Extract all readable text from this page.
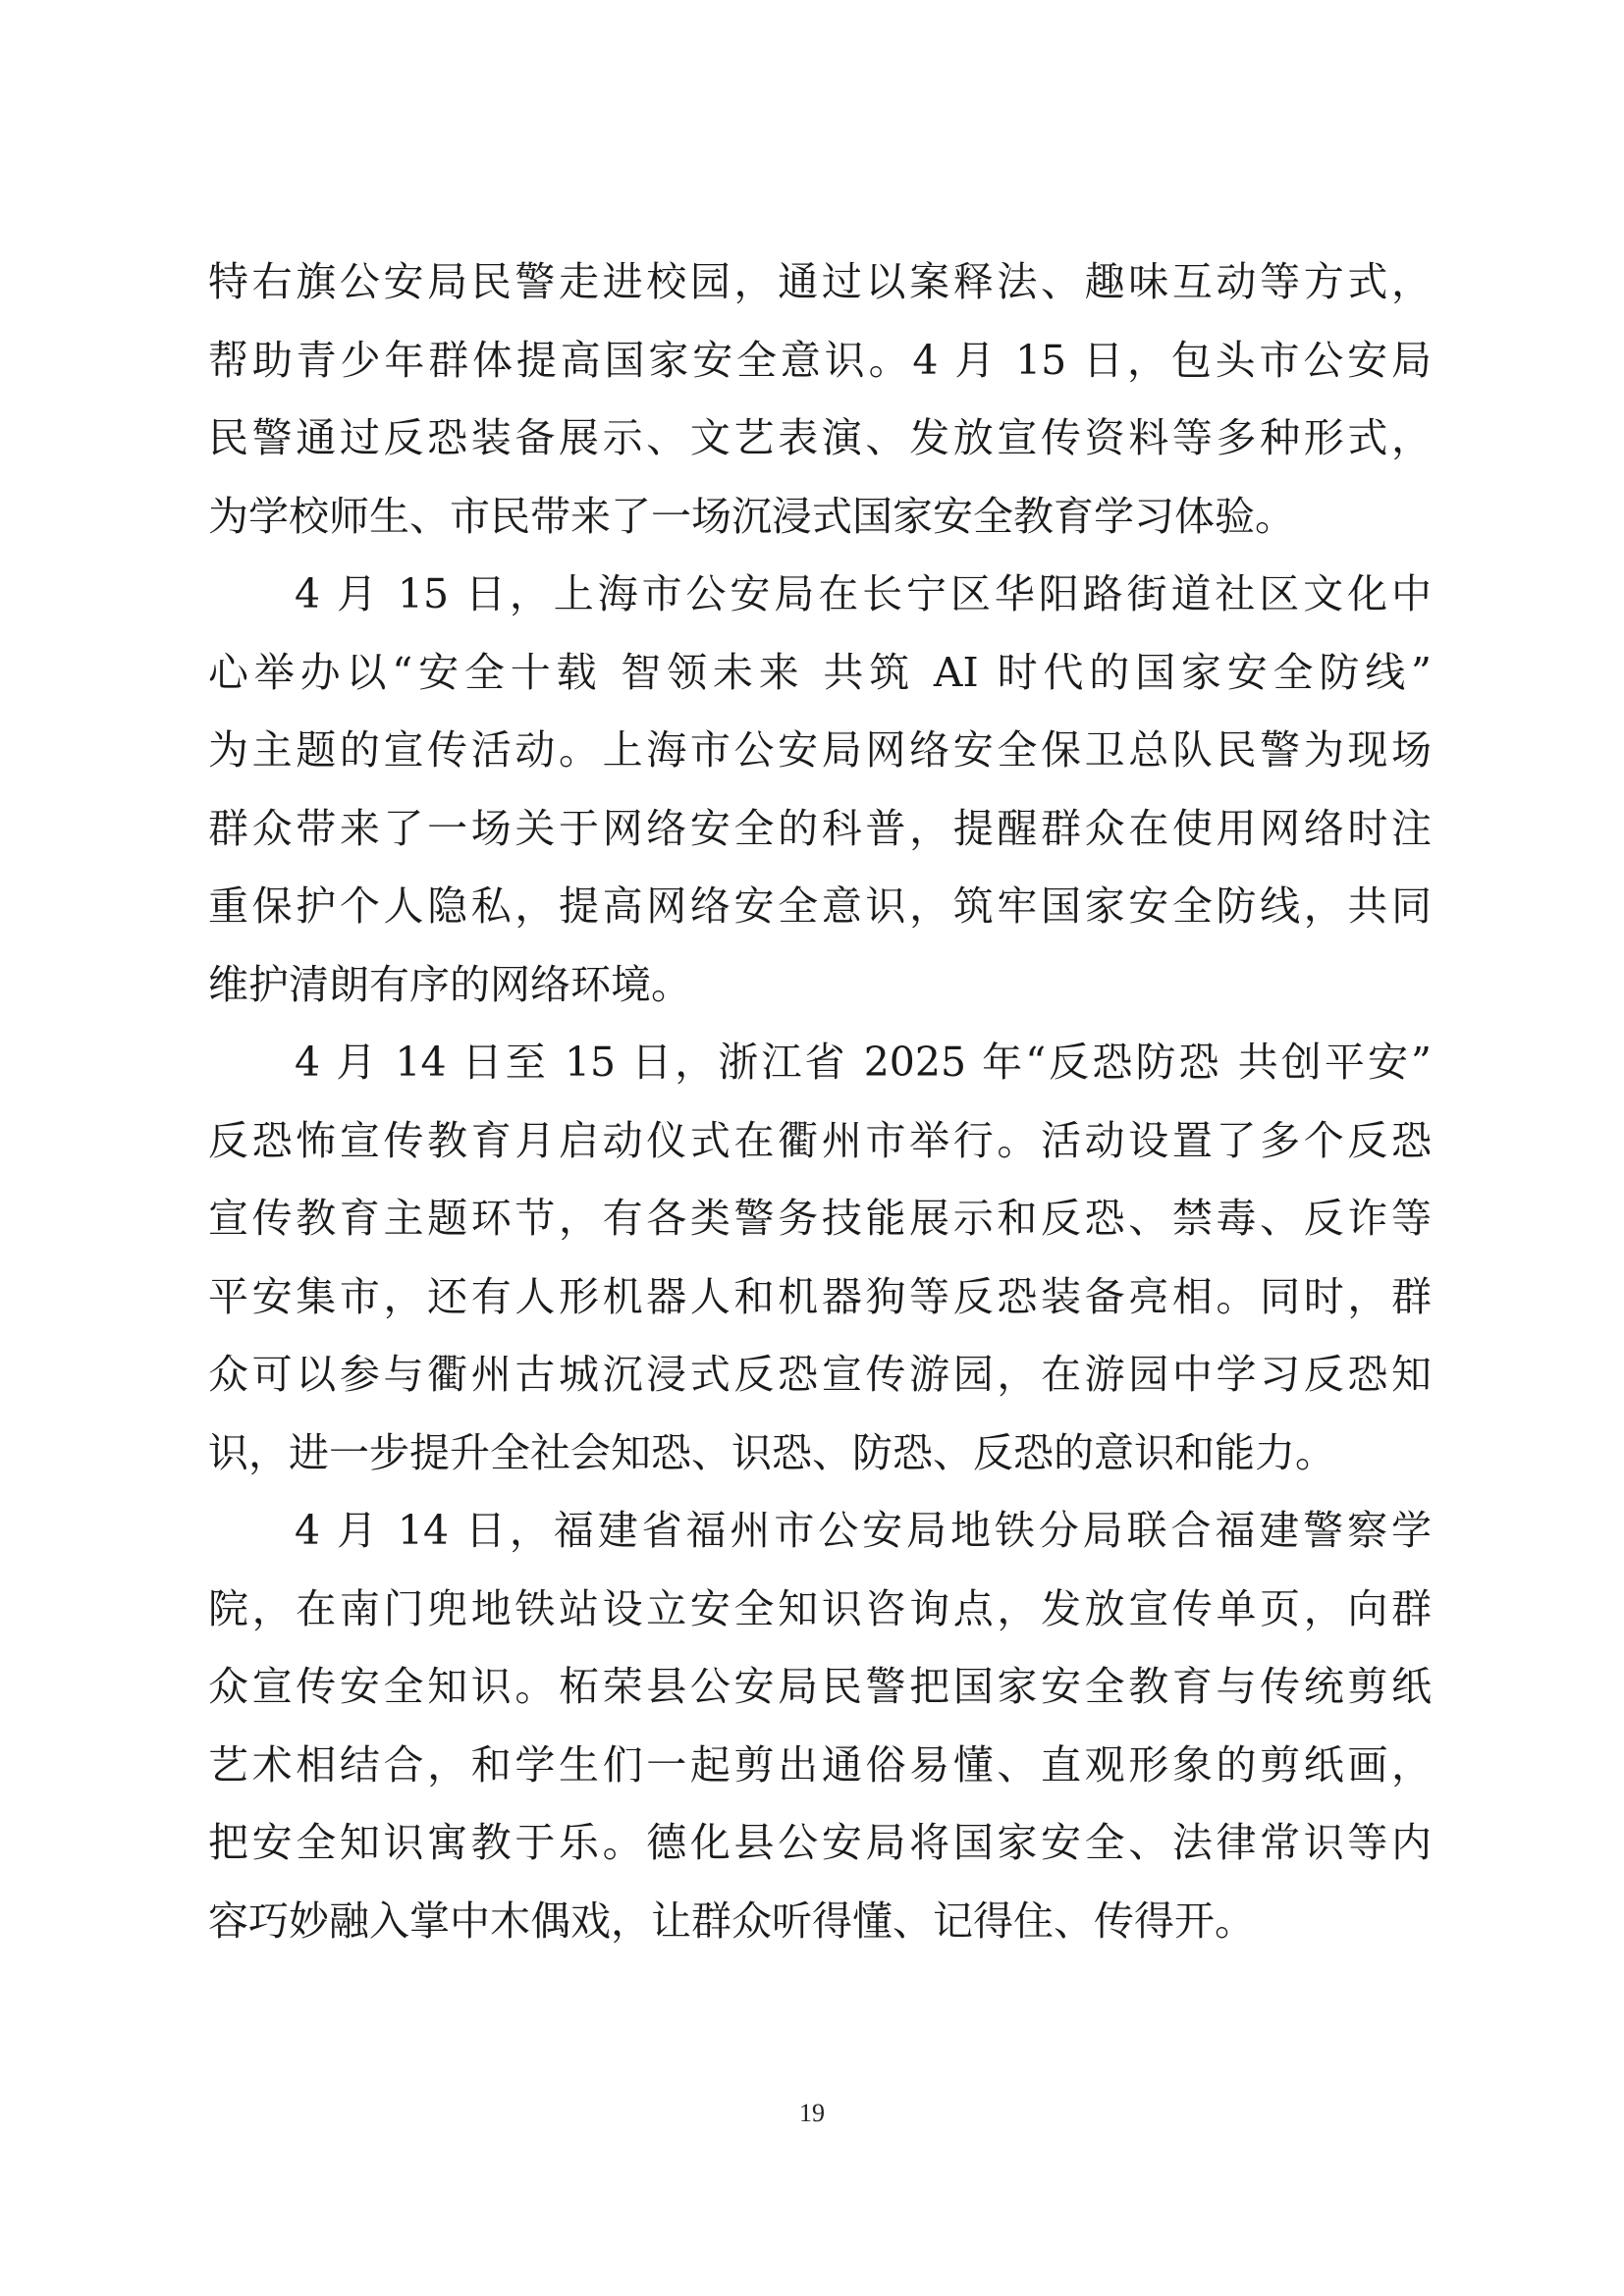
特右旗公安局民警走进校园，通过以案释法、趣味互动等方式，
帮助青少年群体提高国家安全意识。4 月 15 日，包头市公安局
民警通过反恐装备展示、文艺表演、发放宣传资料等多种形式，
为学校师生、市民带来了一场沉浸式国家安全教育学习体验。
4 月 15 日，上海市公安局在长宁区华阳路街道社区文化中
心举办以“安全十载 智领未来 共筑 AI 时代的国家安全防线”
为主题的宣传活动。上海市公安局网络安全保卫总队民警为现场
群众带来了一场关于网络安全的科普，提醒群众在使用网络时注
重保护个人隐私，提高网络安全意识，筑牢国家安全防线，共同
维护清朗有序的网络环境。
4 月 14 日至 15 日，浙江省 2025 年“反恐防恐 共创平安”
反恐怖宣传教育月启动仪式在衢州市举行。活动设置了多个反恐
宣传教育主题环节，有各类警务技能展示和反恐、禁毒、反诈等
平安集市，还有人形机器人和机器狗等反恐装备亮相。同时，群
众可以参与衢州古城沉浸式反恐宣传游园，在游园中学习反恐知
识，进一步提升全社会知恐、识恐、防恐、反恐的意识和能力。
4 月 14 日，福建省福州市公安局地铁分局联合福建警察学
院，在南门兜地铁站设立安全知识咨询点，发放宣传单页，向群
众宣传安全知识。柘荣县公安局民警把国家安全教育与传统剪纸
艺术相结合，和学生们一起剪出通俗易懂、直观形象的剪纸画，
把安全知识寓教于乐。德化县公安局将国家安全、法律常识等内
容巧妙融入掌中木偶戏，让群众听得懂、记得住、传得开。
19
